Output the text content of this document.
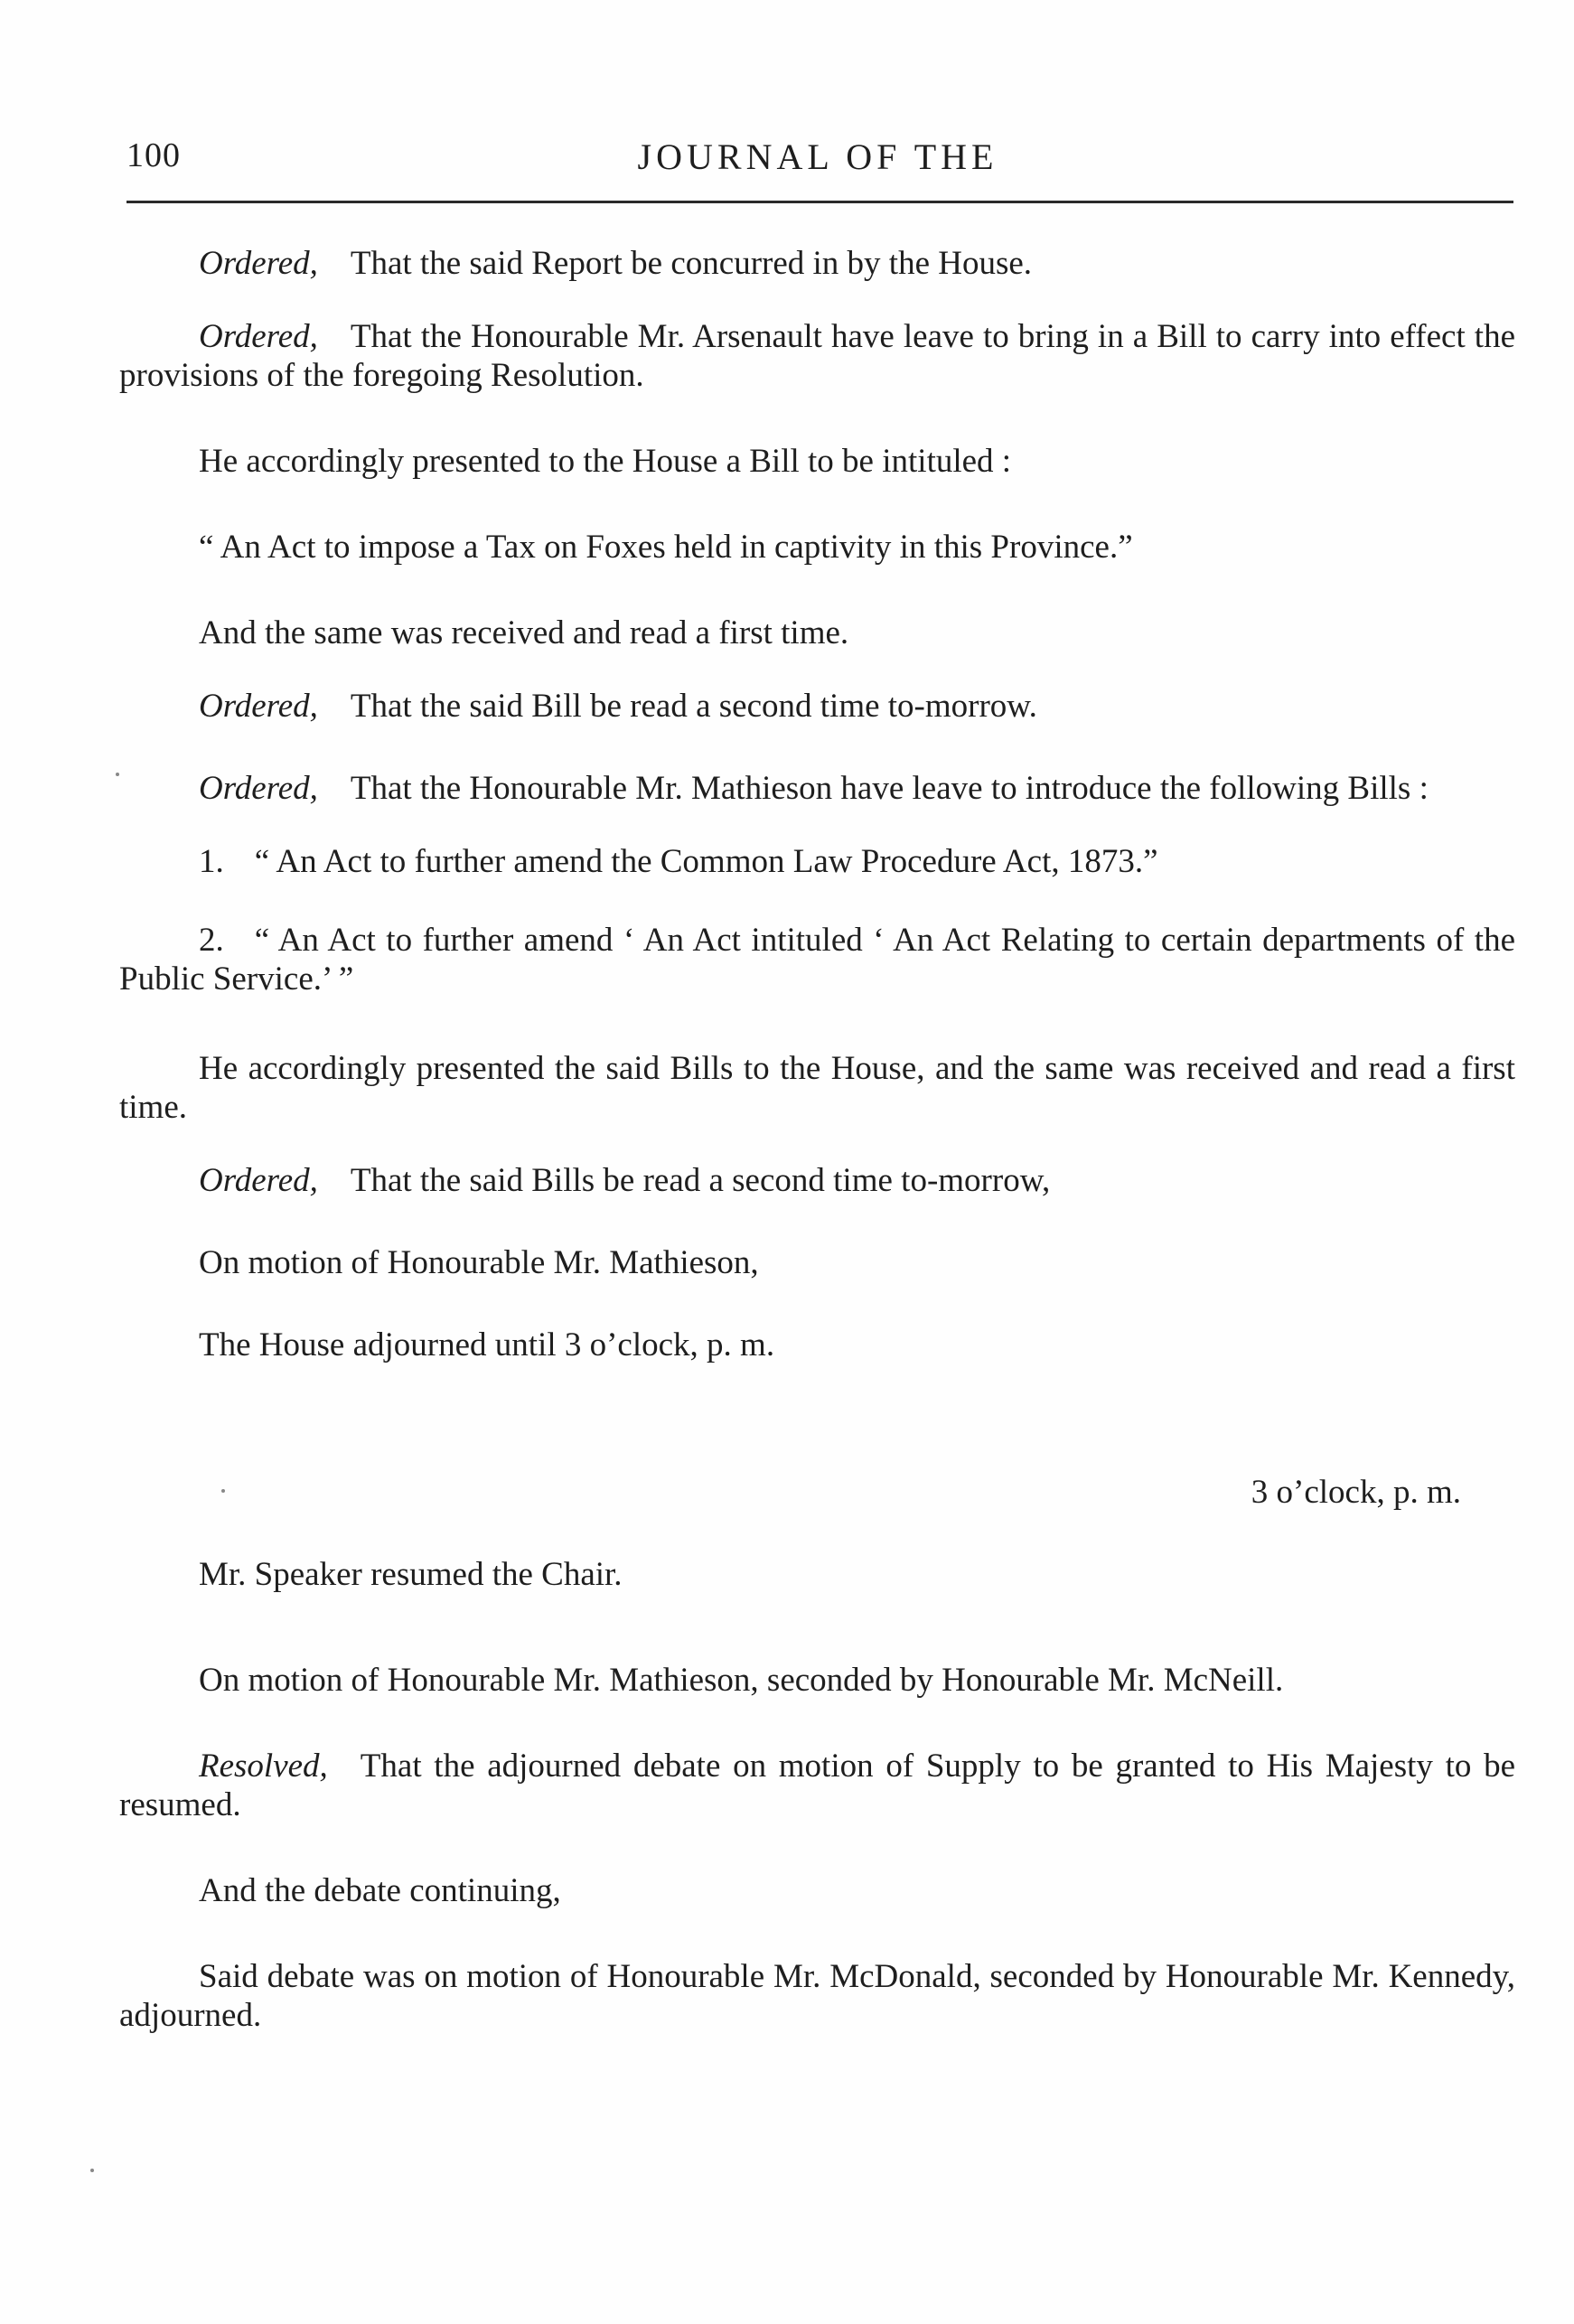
100	JOURNAL OF THE

Ordered, That the said Report be concurred in by the House.

Ordered, That the Honourable Mr. Arsenault have leave to bring in a Bill to carry into effect the provisions of the foregoing Resolution.

He accordingly presented to the House a Bill to be intituled :

“ An Act to impose a Tax on Foxes held in captivity in this Province.”

And the same was received and read a first time.

Ordered, That the said Bill be read a second time to-morrow.

Ordered, That the Honourable Mr. Mathieson have leave to introduce the following Bills :

1. “ An Act to further amend the Common Law Procedure Act, 1873.”

2. “ An Act to further amend ‘ An Act intituled ‘ An Act Relating to certain departments of the Public Service.’ ”

He accordingly presented the said Bills to the House, and the same was received and read a first time.

Ordered, That the said Bills be read a second time to-morrow,

On motion of Honourable Mr. Mathieson,

The House adjourned until 3 o’clock, p. m.

3 o’clock, p. m.

Mr. Speaker resumed the Chair.

On motion of Honourable Mr. Mathieson, seconded by Honourable Mr. McNeill.

Resolved, That the adjourned debate on motion of Supply to be granted to His Majesty to be resumed.

And the debate continuing,

Said debate was on motion of Honourable Mr. McDonald, seconded by Honourable Mr. Kennedy, adjourned.
